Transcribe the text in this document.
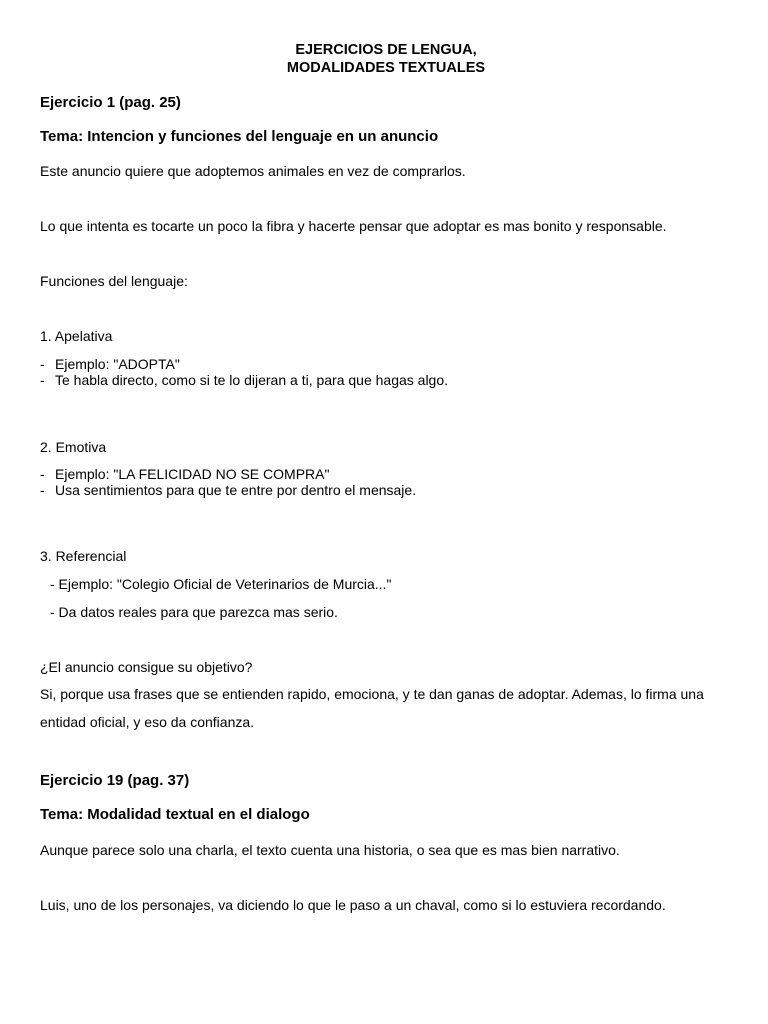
EJERCICIOS DE LENGUA,
MODALIDADES TEXTUALES
Ejercicio 1 (pag. 25)
Tema: Intencion y funciones del lenguaje en un anuncio
Este anuncio quiere que adoptemos animales en vez de comprarlos.
Lo que intenta es tocarte un poco la fibra y hacerte pensar que adoptar es mas bonito y responsable.
Funciones del lenguaje:
1. Apelativa
- Ejemplo: "ADOPTA"
- Te habla directo, como si te lo dijeran a ti, para que hagas algo.
2. Emotiva
- Ejemplo: "LA FELICIDAD NO SE COMPRA"
- Usa sentimientos para que te entre por dentro el mensaje.
3. Referencial
- Ejemplo: "Colegio Oficial de Veterinarios de Murcia..."
- Da datos reales para que parezca mas serio.
¿El anuncio consigue su objetivo?
Si, porque usa frases que se entienden rapido, emociona, y te dan ganas de adoptar. Ademas, lo firma una
entidad oficial, y eso da confianza.
Ejercicio 19 (pag. 37)
Tema: Modalidad textual en el dialogo
Aunque parece solo una charla, el texto cuenta una historia, o sea que es mas bien narrativo.
Luis, uno de los personajes, va diciendo lo que le paso a un chaval, como si lo estuviera recordando.
